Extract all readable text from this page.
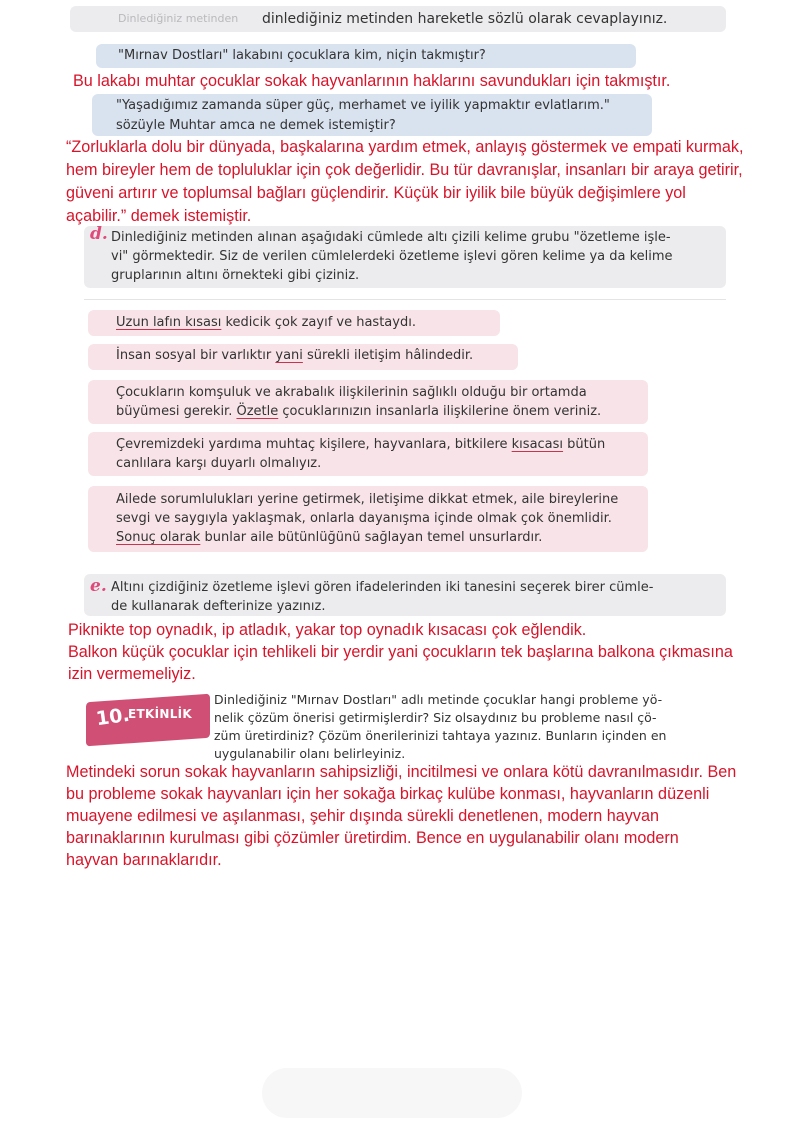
Dinlediğiniz metinden dinlediğiniz metinden hareketle sözlü olarak cevaplayınız.
"Mırnav Dostları" lakabını çocuklara kim, niçin takmıştır?
Bu lakabı muhtar çocuklar sokak hayvanlarının haklarını savundukları için takmıştır.
"Yaşadığımız zamanda süper güç, merhamet ve iyilik yapmaktır evlatlarım."
sözüyle Muhtar amca ne demek istemiştir?
“Zorluklarla dolu bir dünyada, başkalarına yardım etmek, anlayış göstermek ve empati kurmak,
hem bireyler hem de topluluklar için çok değerlidir. Bu tür davranışlar, insanları bir araya getirir,
güveni artırır ve toplumsal bağları güçlendirir. Küçük bir iyilik bile büyük değişimlere yol
açabilir.” demek istemiştir.
d. Dinlediğiniz metinden alınan aşağıdaki cümlede altı çizili kelime grubu "özetleme işle-
vi" görmektedir. Siz de verilen cümlelerdeki özetleme işlevi gören kelime ya da kelime
gruplarının altını örnekteki gibi çiziniz.
Uzun lafın kısası kedicik çok zayıf ve hastaydı.
İnsan sosyal bir varlıktır yani sürekli iletişim hâlindedir.
Çocukların komşuluk ve akrabalık ilişkilerinin sağlıklı olduğu bir ortamda
büyümesi gerekir. Özetle çocuklarınızın insanlarla ilişkilerine önem veriniz.
Çevremizdeki yardıma muhtaç kişilere, hayvanlara, bitkilere kısacası bütün
canlılara karşı duyarlı olmalıyız.
Ailede sorumlulukları yerine getirmek, iletişime dikkat etmek, aile bireylerine
sevgi ve saygıyla yaklaşmak, onlarla dayanışma içinde olmak çok önemlidir.
Sonuç olarak bunlar aile bütünlüğünü sağlayan temel unsurlardır.
e. Altını çizdiğiniz özetleme işlevi gören ifadelerinden iki tanesini seçerek birer cümle-
de kullanarak defterinize yazınız.
Piknikte top oynadık, ip atladık, yakar top oynadık kısacası çok eğlendik.
Balkon küçük çocuklar için tehlikeli bir yerdir yani çocukların tek başlarına balkona çıkmasına
izin vermemeliyiz.
10.
ETKİNLİK
Dinlediğiniz "Mırnav Dostları" adlı metinde çocuklar hangi probleme yö-
nelik çözüm önerisi getirmişlerdir? Siz olsaydınız bu probleme nasıl çö-
züm üretirdiniz? Çözüm önerilerinizi tahtaya yazınız. Bunların içinden en
uygulanabilir olanı belirleyiniz.
Metindeki sorun sokak hayvanların sahipsizliği, incitilmesi ve onlara kötü davranılmasıdır. Ben
bu probleme sokak hayvanları için her sokağa birkaç kulübe konması, hayvanların düzenli
muayene edilmesi ve aşılanması, şehir dışında sürekli denetlenen, modern hayvan
barınaklarının kurulması gibi çözümler üretirdim. Bence en uygulanabilir olanı modern
hayvan barınaklarıdır.
